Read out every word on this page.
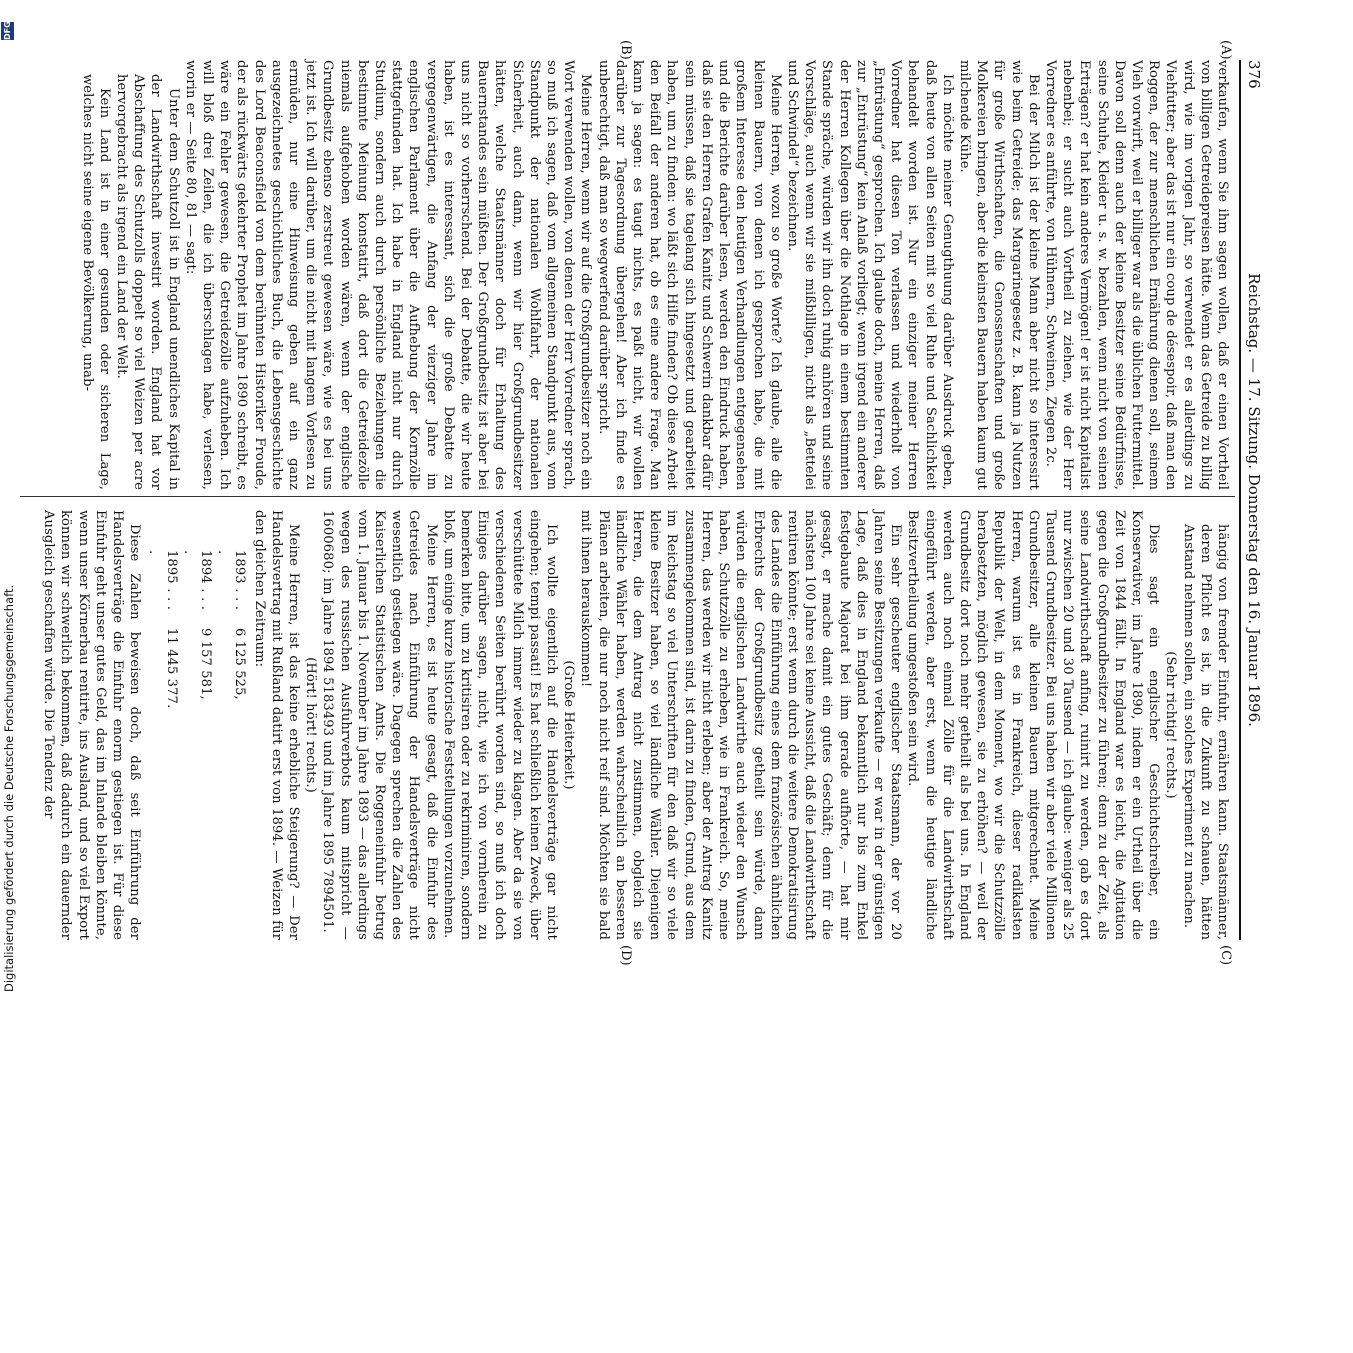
376
Reichstag. — 17. Sitzung. Donnerstag den 16. Januar 1896.
(A)
(B)
(C)
(D)

verkaufen, wenn Sie ihm sagen wollen, daß er einen Vortheil von billigen Getreidepreisen hätte. Wenn das Getreide zu billig wird, wie im vorigen Jahr, so verwendet er es allerdings zu Viehfutter; aber das ist nur ein coup de désespoir, daß man den Roggen, der zur menschlichen Ernährung dienen soll, seinem Vieh vorwirft, weil er billiger war als die üblichen Futtermittel. Davon soll denn auch der kleine Besitzer seine Bedürfnisse, seine Schuhe, Kleider u. s. w. bezahlen, wenn nicht von seinen Erträgen? er hat kein anderes Vermögen! er ist nicht Kapitalist nebenbei; er sucht auch Vortheil zu ziehen, wie der Herr Vorredner es anführte, von Hühnern, Schweinen, Ziegen 2c.

Bei der Milch ist der kleine Mann aber nicht so interessirt wie beim Getreide; das Margarinegesetz z. B. kann ja Nutzen für große Wirthschaften, die Genossenschaften und große Molkereien bringen, aber die kleinsten Bauern haben kaum gut milchende Kühe.

Ich möchte meiner Genugthuung darüber Ausdruck geben, daß heute von allen Seiten mit so viel Ruhe und Sachlichkeit behandelt worden ist. Nur ein einziger meiner Herren Vorredner hat diesen Ton verlassen und wiederholt von „Entrüstung“ gesprochen. Ich glaube doch, meine Herren, daß zur „Entrüstung“ kein Anlaß vorliegt; wenn irgend ein anderer der Herren Kollegen über die Nothlage in einem bestimmten Stande spräche, würden wir ihn doch ruhig anhören und seine Vorschläge, auch wenn wir sie mißbilligen, nicht als „Bettelei und Schwindel“ bezeichnen.

Meine Herren, wozu so große Worte? Ich glaube, alle die kleinen Bauern, von denen ich gesprochen habe, die mit großem Interesse den heutigen Verhandlungen entgegensehen und die Berichte darüber lesen, werden den Eindruck haben, daß sie den Herren Grafen Kanitz und Schwerin dankbar dafür sein müssen, daß sie tagelang sich hingesetzt und gearbeitet haben, um zu finden: wo läßt sich Hilfe finden? Ob diese Arbeit den Beifall der anderen hat, ob es eine andere Frage. Man kann ja sagen: es taugt nichts, es paßt nicht, wir wollen darüber zur Tagesordnung übergehen! Aber ich finde es unberechtigt, daß man so wegwerfend darüber spricht.

Meine Herren, wenn wir auf die Großgrundbesitzer noch ein Wort verwenden wollen, von denen der Herr Vorredner sprach, so muß ich sagen, daß vom allgemeinen Standpunkt aus, vom Standpunkt der nationalen Wohlfahrt, der nationalen Sicherheit, auch dann, wenn wir hier Großgrundbesitzer hätten, welche Staatsmänner doch für Erhaltung des Bauernstandes sein müßten. Der Großgrundbesitz ist aber bei uns nicht so vorherrschend. Bei der Debatte, die wir heute haben, ist es interessant, sich die große Debatte zu vergegenwärtigen, die Anfang der vierziger Jahre im englischen Parlament über die Aufhebung der Kornzölle stattgefunden hat. Ich habe in England nicht nur durch Studium, sondern auch durch persönliche Beziehungen die bestimmte Meinung konstatirt, daß dort die Getreidezölle niemals aufgehoben worden wären, wenn der englische Grundbesitz ebenso zerstreut gewesen wäre, wie es bei uns jetzt ist. Ich will darüber, um die nicht mit langem Vorlesen zu ermüden, nur eine Hinweisung geben auf ein ganz ausgezeichnetes geschichtliches Buch, die Lebensgeschichte des Lord Beaconsfield von dem berühmten Historiker Froude, der als rückwärts gekehrter Prophet im Jahre 1890 schreibt, es wäre ein Fehler gewesen, die Getreidezölle aufzuheben. Ich will bloß drei Zeilen, die ich überschlagen habe, verlesen, worin er — Seite 80, 81 — sagt:

Unter dem Schutzoll ist in England unendliches Kapital in der Landwirthschaft investirt worden. England hat vor Abschaffung des Schutzolls doppelt so viel Weizen per acre hervorgebracht als irgend ein Land der Welt.

Kein Land ist in einer gesunden oder sicheren Lage, welches nicht seine eigene Bevölkerung, unab-

hängig von fremder Einfuhr, ernähren kann. Staatsmänner, deren Pflicht es ist, in die Zukunft zu schauen, hätten Anstand nehmen sollen, ein solches Experiment zu machen.

(Sehr richtig! rechts.)

Dies sagt ein englischer Geschichtschreiber, ein Konservativer, im Jahre 1890, indem er ein Urtheil über die Zeit von 1844 fällt. In England war es leicht, die Agitation gegen die Großgrundbesitzer zu führen; denn zu der Zeit, als seine Landwirthschaft anfing, ruinirt zu werden, gab es dort nur zwischen 20 und 30 Tausend — ich glaube: weniger als 25 Tausend Grundbesitzer. Bei uns haben wir aber viele Millionen Grundbesitzer, alle kleinen Bauern mitgerechnet. Meine Herren, warum ist es in Frankreich, dieser radikalsten Republik der Welt, in dem Moment, wo wir die Schutzzölle herabsetzten, möglich gewesen, sie zu erhöhen? — weil der Grundbesitz dort noch mehr getheilt als bei uns. In England werden auch noch einmal Zölle für die Landwirthschaft eingeführt werden, aber erst, wenn die heutige ländliche Besitzvertheilung umgestoßen sein wird.

Ein sehr gescheuter englischer Staatsmann, der vor 20 Jahren seine Besitzungen verkaufte — er war in der günstigen Lage, daß dies in England bekanntlich nur bis zum Enkel festgebaute Majorat bei ihm gerade aufhörte, — hat mir gesagt, er mache damit ein gutes Geschäft; denn für die nächsten 100 Jahre sei keine Aussicht, daß die Landwirthschaft rentiren könnte; erst wenn durch die weitere Demokratisirung des Landes die Einführung eines dem französischen ähnlichen Erbrechts der Großgrundbesitz getheilt sein würde, dann würden die englischen Landwirthe auch wieder den Wunsch haben, Schutzzölle zu erheben, wie in Frankreich. So, meine Herren, das werden wir nicht erleben; aber der Antrag Kanitz zusammengekommen sind, ist darin zu finden, Grund, aus dem im Reichstag so viel Unterschriften für den daß wir so viele kleine Besitzer haben, so viel ländliche Wähler. Diejenigen Herren, die dem Antrag nicht zustimmen, obgleich sie ländliche Wähler haben, werden wahrscheinlich an besseren Plänen arbeiten, die nur noch nicht reif sind. Möchten sie bald mit ihnen herauskommen!

(Große Heiterkeit.)

Ich wollte eigentlich auf die Handelsverträge gar nicht eingehen; tempi passati! Es hat schließlich keinen Zweck, über verschüttete Milch immer wieder zu klagen. Aber da sie von verschiedenen Seiten berührt worden sind, so muß ich doch Einiges darüber sagen, nicht, wie ich von vornherein zu bemerken bitte, um zu kritisiren oder zu rekriminiren, sondern bloß, um einige kurze historische Feststellungen vorzunehmen.

Meine Herren, es ist heute gesagt, daß die Einfuhr des Getreides nach Einführung der Handelsverträge nicht wesentlich gestiegen wäre. Dagegen sprechen die Zahlen des Kaiserlichen Statistischen Amts. Die Roggeneinfuhr betrug vom 1. Januar bis 1. November im Jahre 1893 — das allerdings wegen des russischen Ausfuhrverbots kaum mitspricht — 1600680; im Jahre 1894 5183493 und im Jahre 1895 7894501.

(Hört! hört! rechts.)

Meine Herren, ist das keine erhebliche Steigerung? — Der Handelsvertrag mit Rußland datirt erst von 1894. — Weizen für den gleichen Zeitraum:

1893 . . . .
6 125 525,
1894 . . . .
9 157 581,
1895 . . . .
11 445 377.

Diese Zahlen beweisen doch, daß seit Einführung der Handelsverträge die Einfuhr enorm gestiegen ist. Für diese Einfuhr geht unser gutes Geld, das im Inlande bleiben könnte, wenn unser Körnerbau rentirte, ins Ausland, und so viel Export können wir schwerlich bekommen, daß dadurch ein dauernder Ausgleich geschaffen würde. Die Tendenz der

Digitalisierung gefördert durch die Deutsche Forschungsgemeinschaft.
DFG
